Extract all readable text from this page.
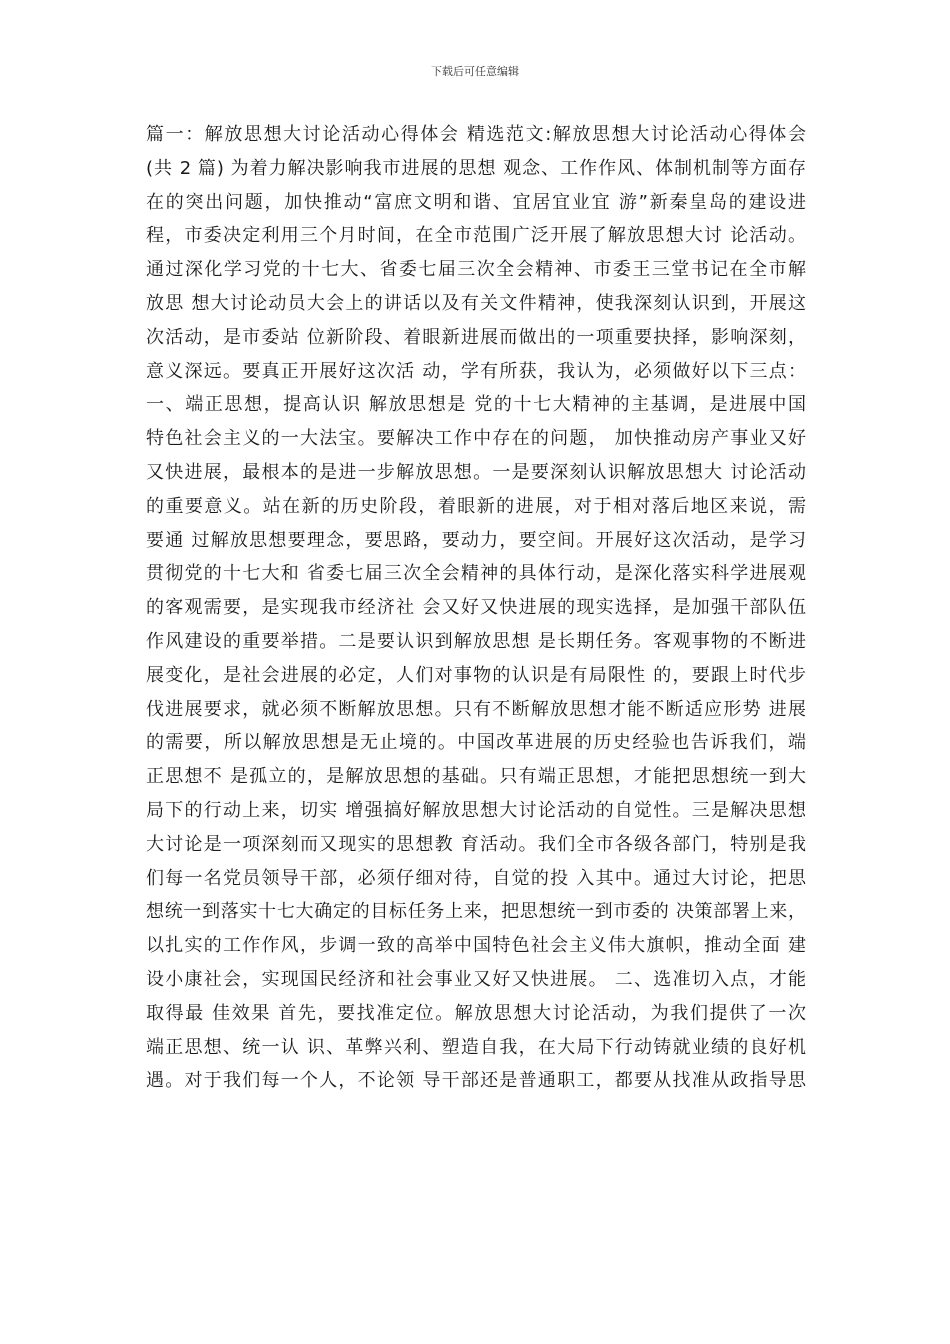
下载后可任意编辑
篇一：解放思想大讨论活动心得体会 精选范文:解放思想大讨论活动心得体会
(共 2 篇) 为着力解决影响我市进展的思想 观念、工作作风、体制机制等方面存
在的突出问题，加快推动“富庶文明和谐、宜居宜业宜 游”新秦皇岛的建设进
程，市委决定利用三个月时间，在全市范围广泛开展了解放思想大讨 论活动。
通过深化学习党的十七大、省委七届三次全会精神、市委王三堂书记在全市解
放思 想大讨论动员大会上的讲话以及有关文件精神，使我深刻认识到，开展这
次活动，是市委站 位新阶段、着眼新进展而做出的一项重要抉择，影响深刻，
意义深远。要真正开展好这次活 动，学有所获，我认为，必须做好以下三点：
一、端正思想，提高认识 解放思想是 党的十七大精神的主基调，是进展中国
特色社会主义的一大法宝。要解决工作中存在的问题， 加快推动房产事业又好
又快进展，最根本的是进一步解放思想。一是要深刻认识解放思想大 讨论活动
的重要意义。站在新的历史阶段，着眼新的进展，对于相对落后地区来说，需
要通 过解放思想要理念，要思路，要动力，要空间。开展好这次活动，是学习
贯彻党的十七大和 省委七届三次全会精神的具体行动，是深化落实科学进展观
的客观需要，是实现我市经济社 会又好又快进展的现实选择，是加强干部队伍
作风建设的重要举措。二是要认识到解放思想 是长期任务。客观事物的不断进
展变化，是社会进展的必定，人们对事物的认识是有局限性 的，要跟上时代步
伐进展要求，就必须不断解放思想。只有不断解放思想才能不断适应形势 进展
的需要，所以解放思想是无止境的。中国改革进展的历史经验也告诉我们，端
正思想不 是孤立的，是解放思想的基础。只有端正思想，才能把思想统一到大
局下的行动上来，切实 增强搞好解放思想大讨论活动的自觉性。三是解决思想
大讨论是一项深刻而又现实的思想教 育活动。我们全市各级各部门，特别是我
们每一名党员领导干部，必须仔细对待，自觉的投 入其中。通过大讨论，把思
想统一到落实十七大确定的目标任务上来，把思想统一到市委的 决策部署上来，
以扎实的工作作风，步调一致的高举中国特色社会主义伟大旗帜，推动全面 建
设小康社会，实现国民经济和社会事业又好又快进展。 二、选准切入点，才能
取得最 佳效果 首先，要找准定位。解放思想大讨论活动，为我们提供了一次
端正思想、统一认 识、革弊兴利、塑造自我，在大局下行动铸就业绩的良好机
遇。对于我们每一个人，不论领 导干部还是普通职工，都要从找准从政指导思
